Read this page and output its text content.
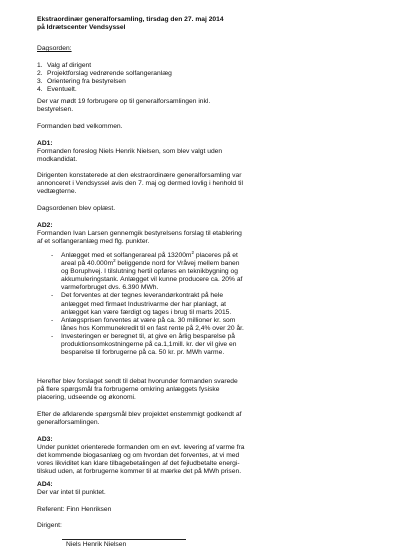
Ekstraordinær generalforsamling, tirsdag den 27. maj 2014
på Idrætscenter Vendsyssel
Dagsorden:
1. Valg af dirigent
2. Projektforslag vedrørende solfangeranlæg
3. Orientering fra bestyrelsen
4. Eventuelt.
Der var mødt 19 forbrugere op til generalforsamlingen inkl.
bestyrelsen.
Formanden bød velkommen.
AD1:
Formanden foreslog Niels Henrik Nielsen, som blev valgt uden
modkandidat.
Dirigenten konstaterede at den ekstraordinære generalforsamling var
annonceret i Vendsyssel avis den 7. maj og dermed lovlig i henhold til
vedtægterne.
Dagsordenen blev oplæst.
AD2:
Formanden Ivan Larsen gennemgik bestyrelsens forslag til etablering
af et solfangeranlæg med flg. punkter.
-	Anlægget med et solfangerareal på $13200m^2$ placeres på et
areal på $40.000m^2$ beliggende nord for Vråvej mellem banen
og Boruphvej. I tilslutning hertil opføres en teknikbygning og
akkumuleringstank. Anlægget vil kunne producere ca. 20% af
varmeforbruget dvs. 6.390 MWh.
-	Det forventes at der tegnes leverandørkontrakt på hele
anlægget med firmaet Industrivarme der har planlagt, at
anlægget kan være færdigt og tages i brug til marts 2015.
-	Anlægsprisen forventes at være på ca. 30 millioner kr. som
lånes hos Kommunekredit til en fast rente på 2,4% over 20 år.
-	Investeringen er beregnet til, at give en årlig besparelse på
produktionsomkostningerne på ca.1,1mill. kr. der vil give en
besparelse til forbrugerne på ca. 50 kr. pr. MWh varme.
Herefter blev forslaget sendt til debat hvorunder formanden svarede
på flere spørgsmål fra forbrugerne omkring anlæggets fysiske
placering, udseende og økonomi.
Efter de afklarende spørgsmål blev projektet enstemmigt godkendt af
generalforsamlingen.
AD3:
Under punktet orienterede formanden om en evt. levering af varme fra
det kommende biogasanlæg og om hvordan det forventes, at vi med
vores likviditet kan klare tilbagebetalingen af det fejludbetalte energi-
tilskud uden, at forbrugerne kommer til at mærke det på MWh prisen.
AD4:
Der var intet til punktet.
Referent: Finn Henriksen
Dirigent:
Niels Henrik Nielsen
